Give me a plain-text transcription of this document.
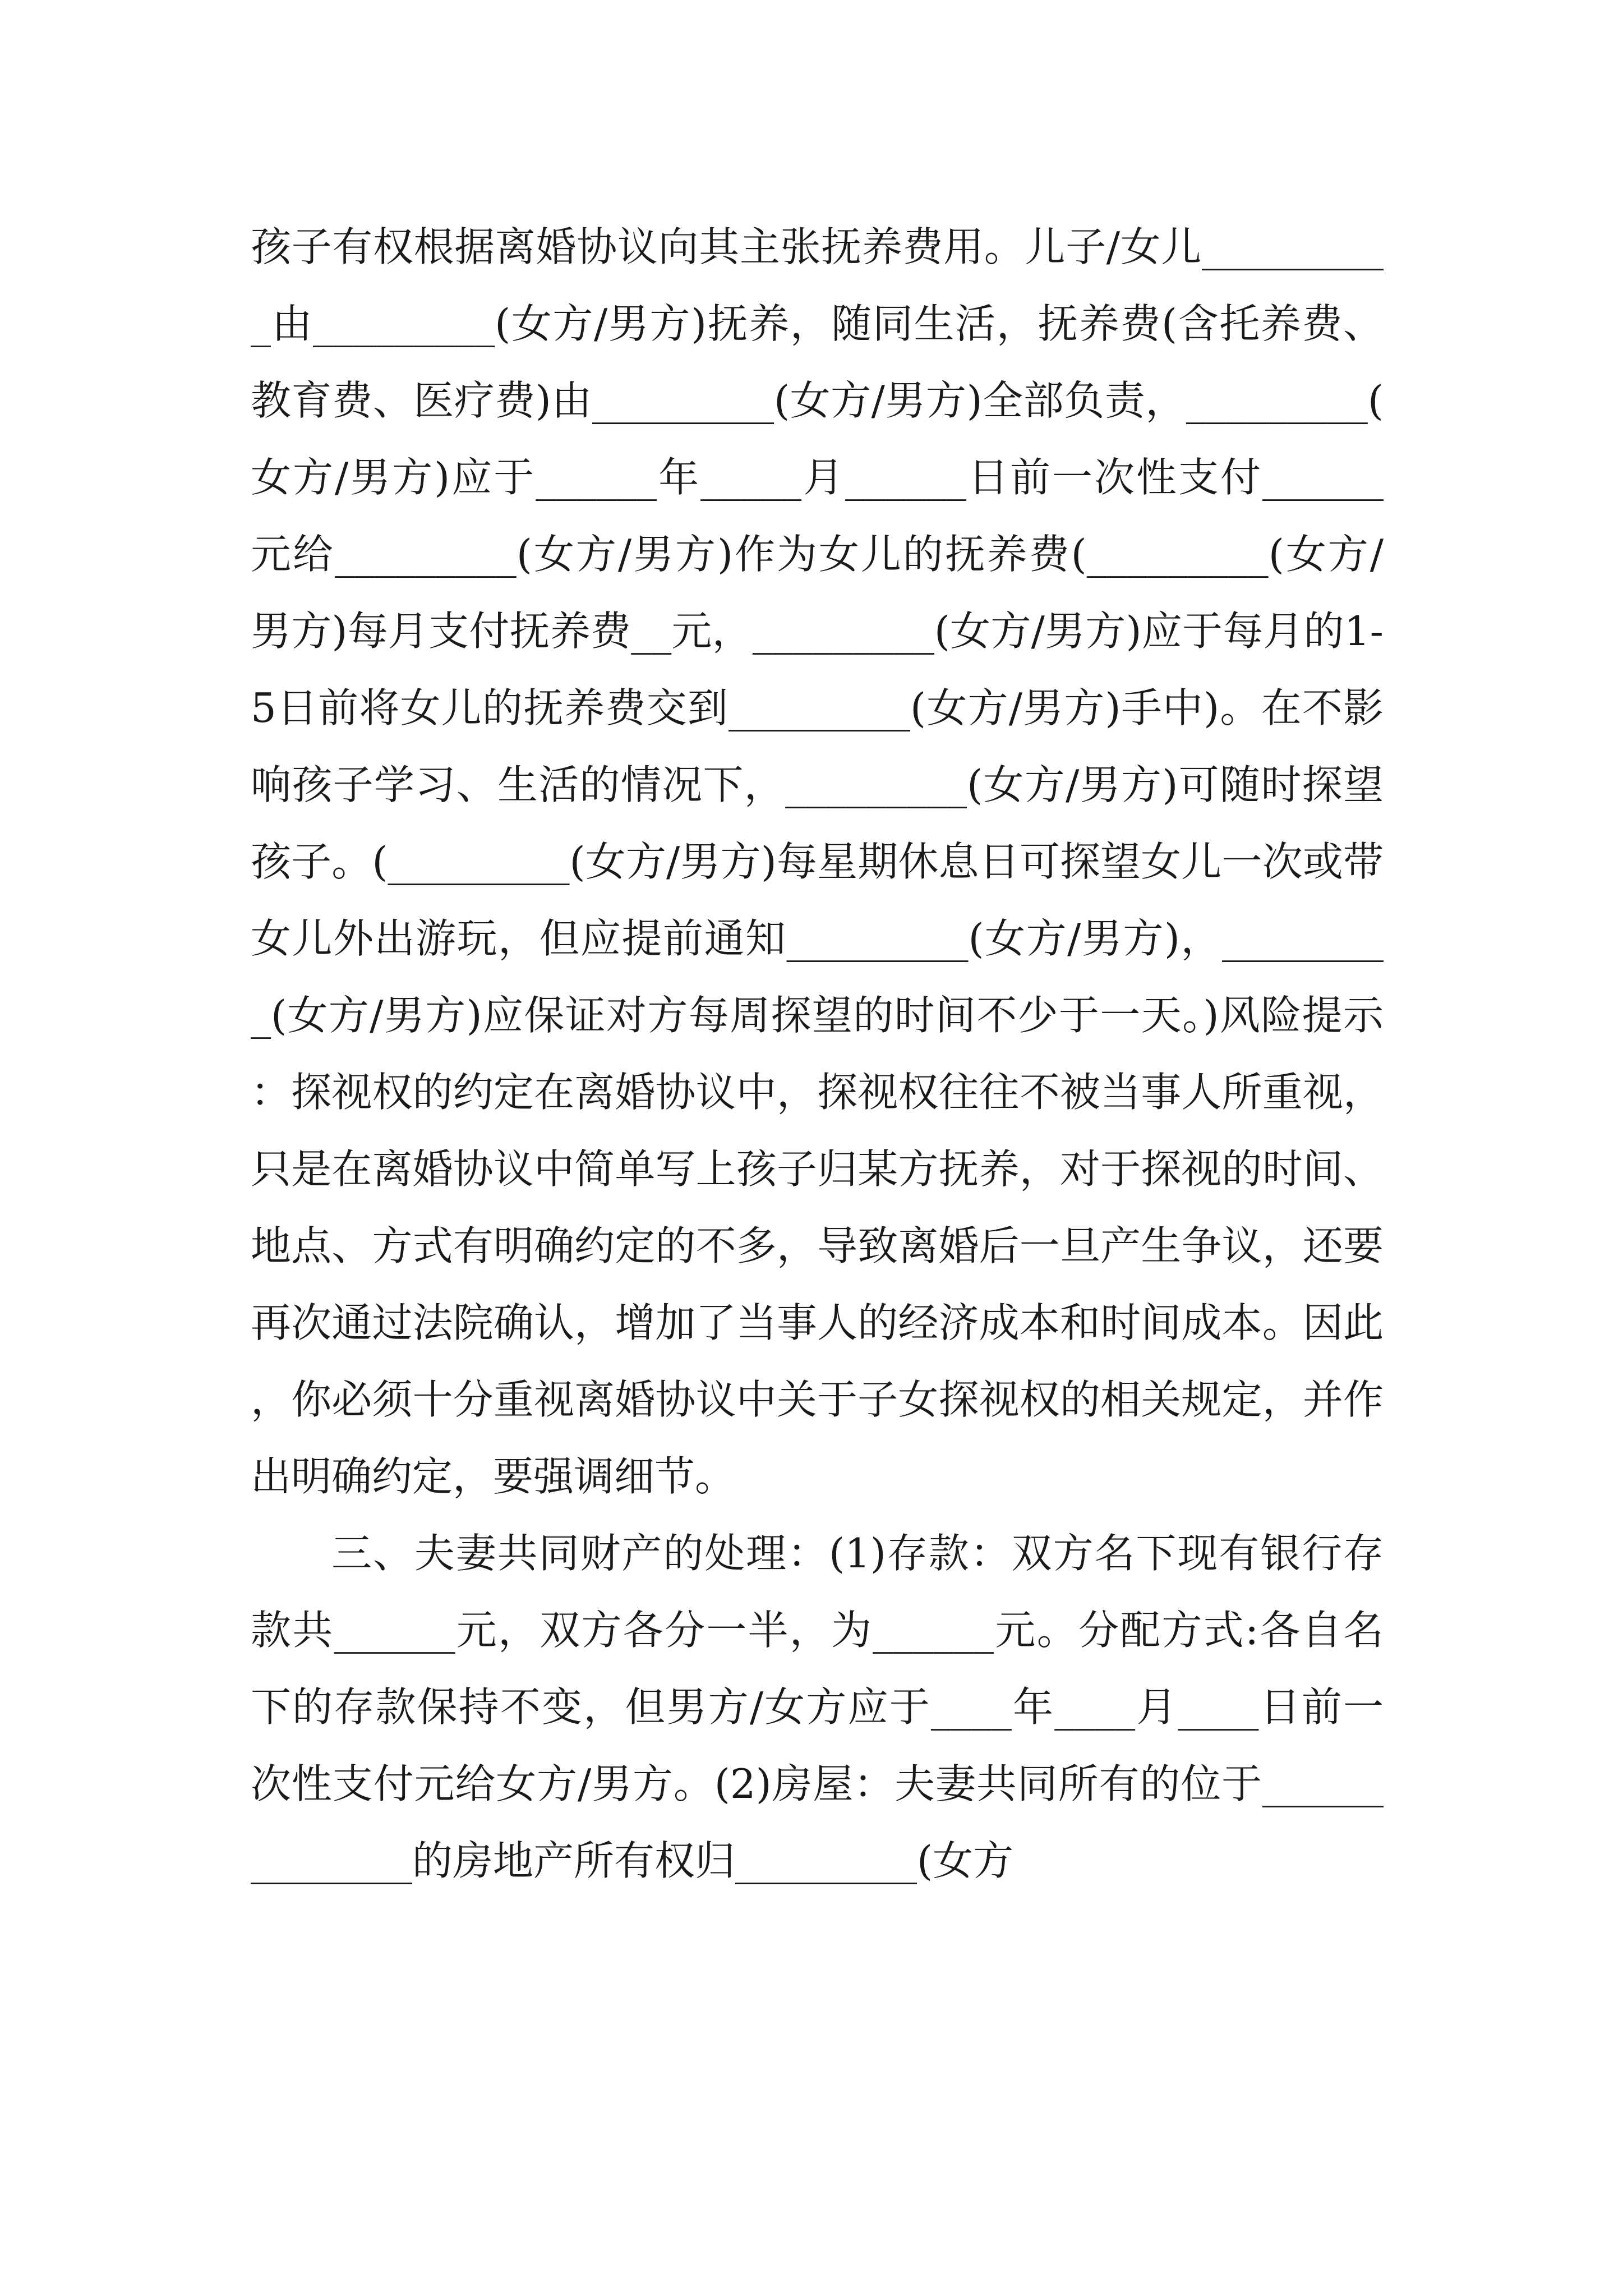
孩子有权根据离婚协议向其主张抚养费用。儿子/女儿__________由_________(女方/男方)抚养，随同生活，抚养费(含托养费、教育费、医疗费)由_________(女方/男方)全部负责，_________(女方/男方)应于______年_____月______日前一次性支付______元给_________(女方/男方)作为女儿的抚养费(_________(女方/男方)每月支付抚养费__元，_________(女方/男方)应于每月的1-5日前将女儿的抚养费交到_________(女方/男方)手中)。在不影响孩子学习、生活的情况下，_________(女方/男方)可随时探望孩子。(_________(女方/男方)每星期休息日可探望女儿一次或带女儿外出游玩，但应提前通知_________(女方/男方)，_________(女方/男方)应保证对方每周探望的时间不少于一天。)风险提示：探视权的约定在离婚协议中，探视权往往不被当事人所重视，只是在离婚协议中简单写上孩子归某方抚养，对于探视的时间、地点、方式有明确约定的不多，导致离婚后一旦产生争议，还要再次通过法院确认，增加了当事人的经济成本和时间成本。因此，你必须十分重视离婚协议中关于子女探视权的相关规定，并作出明确约定，要强调细节。

三、夫妻共同财产的处理：(1)存款：双方名下现有银行存款共______元，双方各分一半，为______元。分配方式:各自名下的存款保持不变，但男方/女方应于____年____月____日前一次性支付元给女方/男方。(2)房屋：夫妻共同所有的位于______________的房地产所有权归_________(女方
